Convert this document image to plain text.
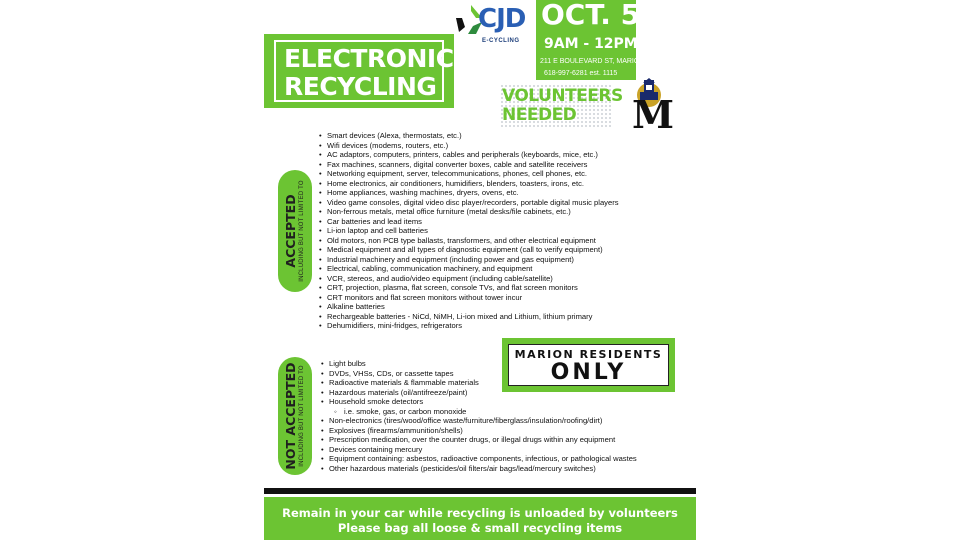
ELECTRONIC
RECYCLING
CJD
E-CYCLING
OCT. 5
9AM - 12PM
211 E BOULEVARD ST, MARION
618-997-6281 est. 1115
VOLUNTEERS
NEEDED M
ACCEPTED INCLUDING BUT NOT LIMITED TO
• Smart devices (Alexa, thermostats, etc.)
• Wifi devices (modems, routers, etc.)
• AC adaptors, computers, printers, cables and peripherals (keyboards, mice, etc.)
• Fax machines, scanners, digital converter boxes, cable and satellite receivers
• Networking equipment, server, telecommunications, phones, cell phones, etc.
• Home electronics, air conditioners, humidifiers, blenders, toasters, irons, etc.
• Home appliances, washing machines, dryers, ovens, etc.
• Video game consoles, digital video disc player/recorders, portable digital music players
• Non-ferrous metals, metal office furniture (metal desks/file cabinets, etc.)
• Car batteries and lead items
• Li-ion laptop and cell batteries
• Old motors, non PCB type ballasts, transformers, and other electrical equipment
• Medical equipment and all types of diagnostic equipment (call to verify equipment)
• Industrial machinery and equipment (including power and gas equipment)
• Electrical, cabling, communication machinery, and equipment
• VCR, stereos, and audio/video equipment (including cable/satellite)
• CRT, projection, plasma, flat screen, console TVs, and flat screen monitors
• CRT monitors and flat screen monitors without tower incur
• Alkaline batteries
• Rechargeable batteries - NiCd, NiMH, Li-ion mixed and Lithium, lithium primary
• Dehumidifiers, mini-fridges, refrigerators
MARION RESIDENTS
ONLY
NOT ACCEPTED INCLUDING BUT NOT LIMITED TO
• Light bulbs
• DVDs, VHSs, CDs, or cassette tapes
• Radioactive materials & flammable materials
• Hazardous materials (oil/antifreeze/paint)
• Household smoke detectors
◦ i.e. smoke, gas, or carbon monoxide
• Non-electronics (tires/wood/office waste/furniture/fiberglass/insulation/roofing/dirt)
• Explosives (firearms/ammunition/shells)
• Prescription medication, over the counter drugs, or illegal drugs within any equipment
• Devices containing mercury
• Equipment containing: asbestos, radioactive components, infectious, or pathological wastes
• Other hazardous materials (pesticides/oil filters/air bags/lead/mercury switches)
Remain in your car while recycling is unloaded by volunteers
Please bag all loose & small recycling items
